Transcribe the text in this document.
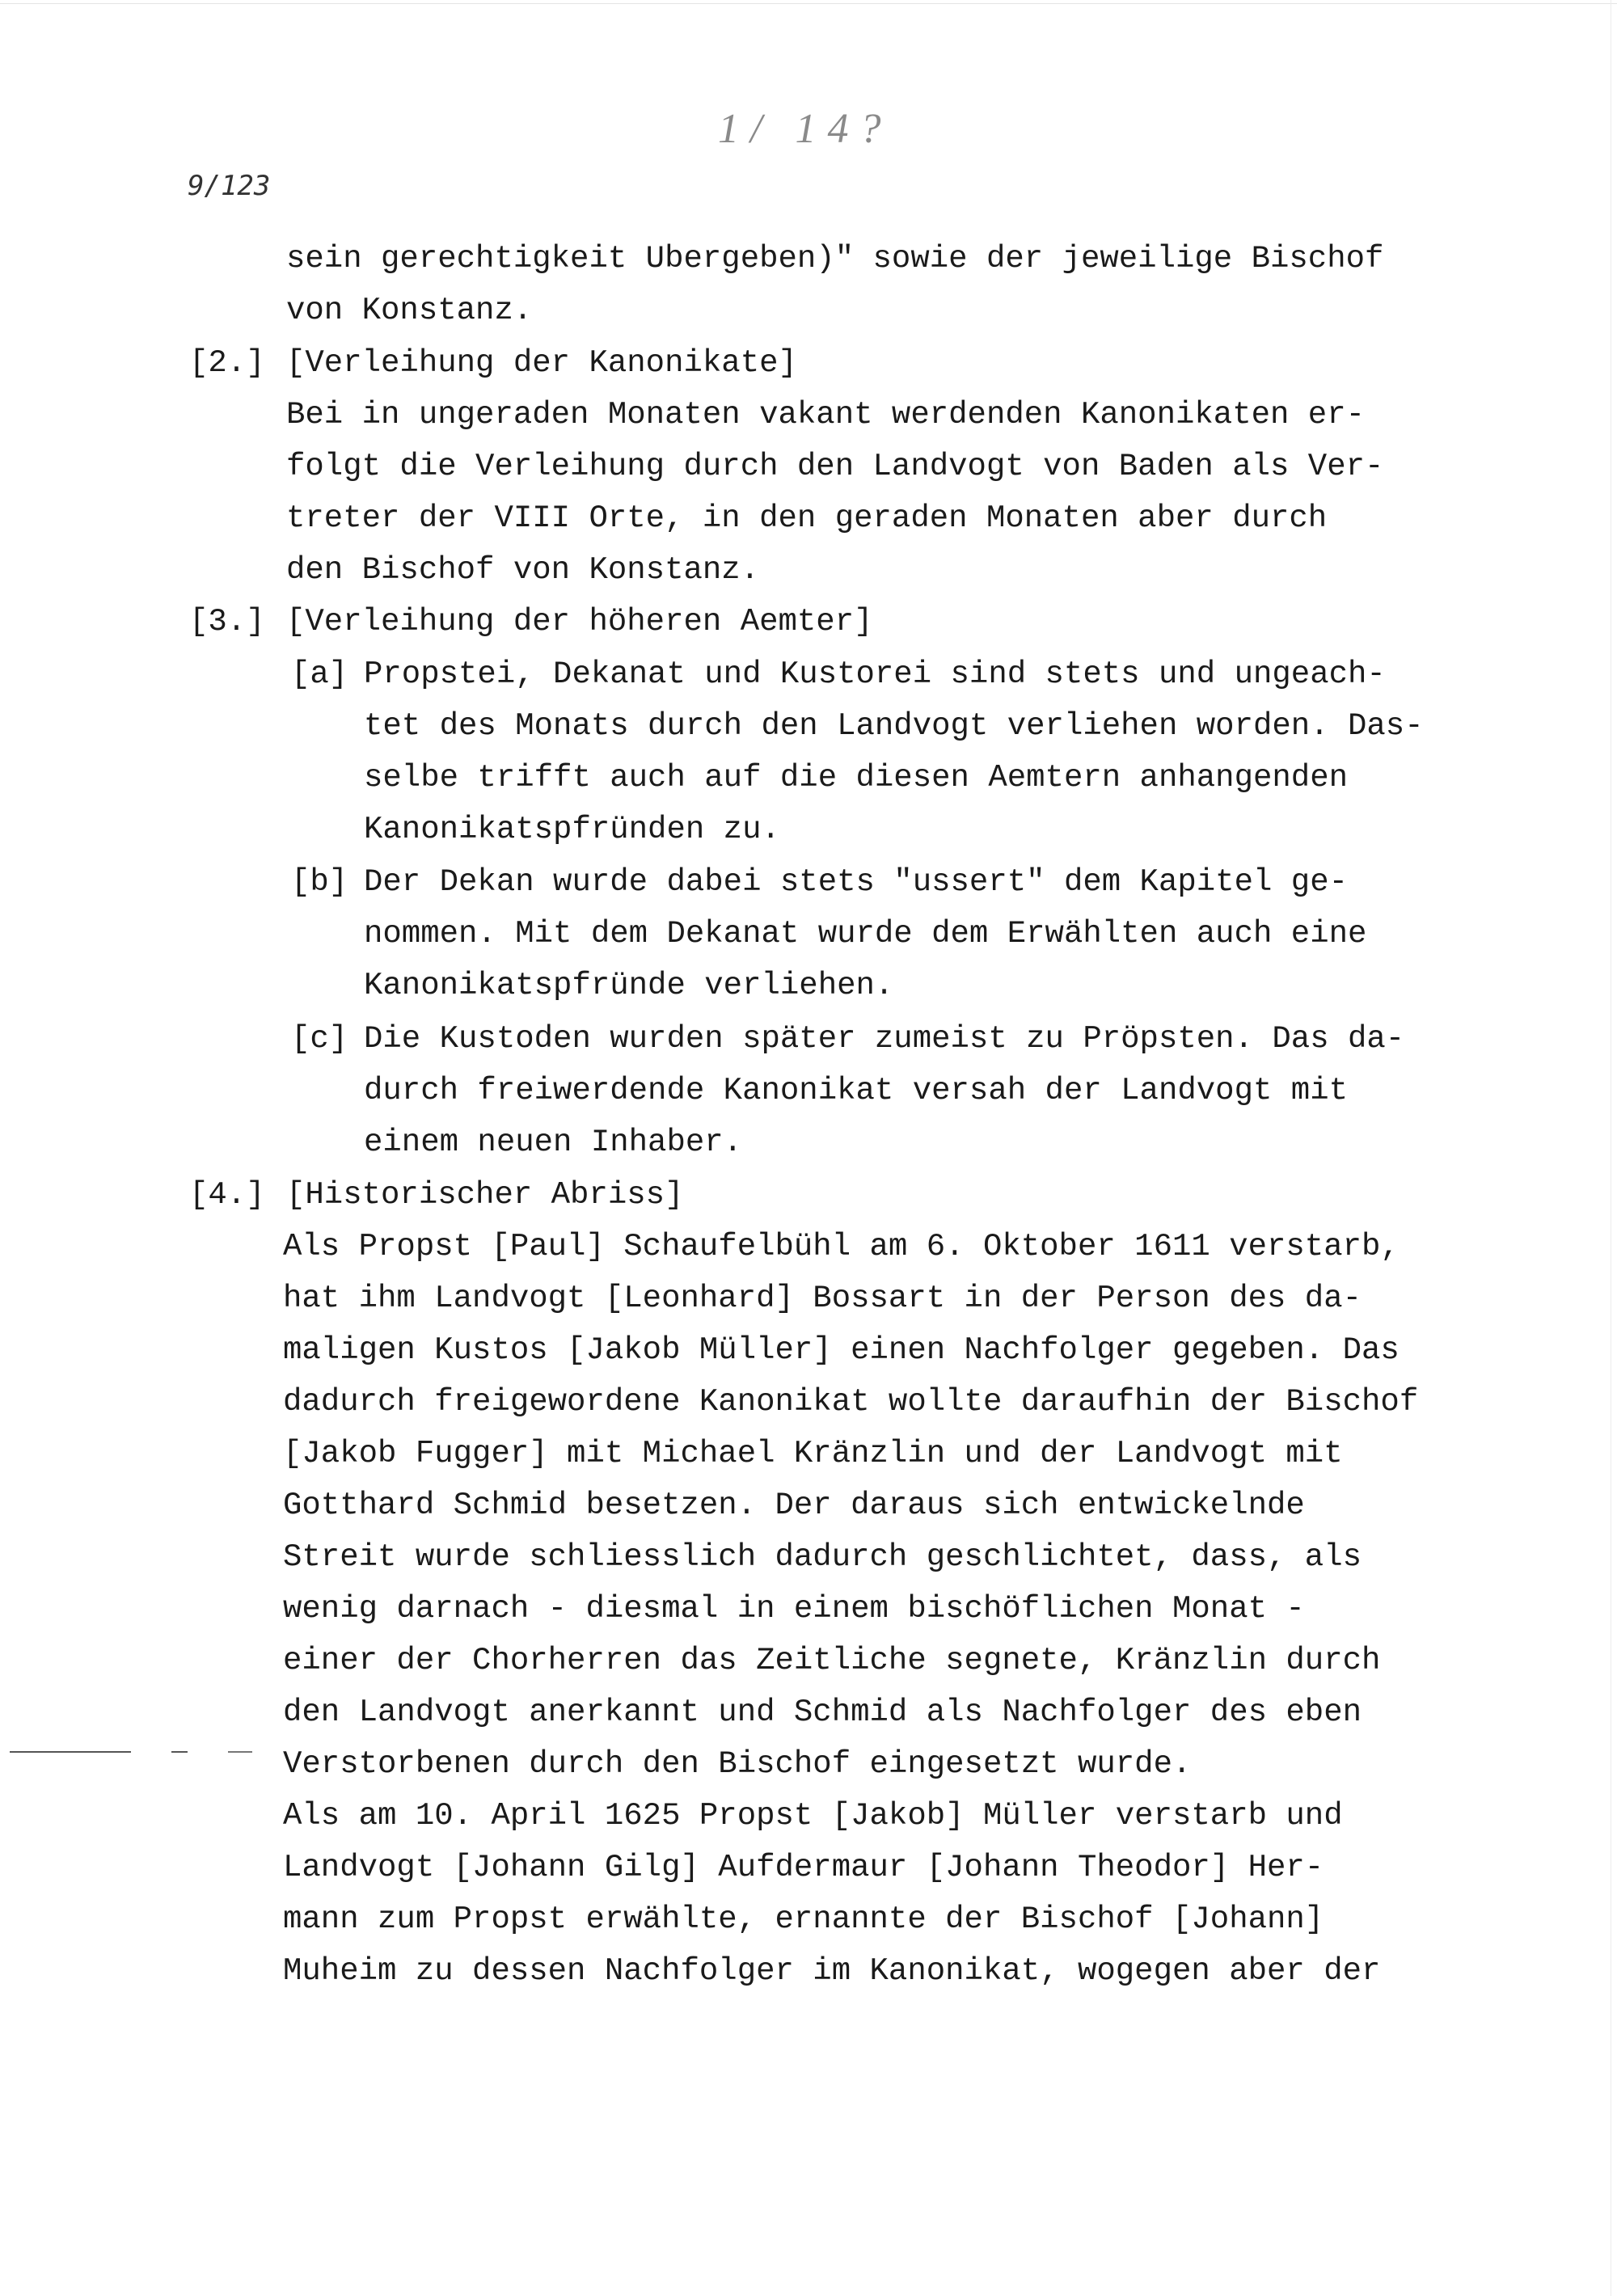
1/ 14?
9/123
sein gerechtigkeit Ubergeben)" sowie der jeweilige Bischof
von Konstanz.
[2.] [Verleihung der Kanonikate]
Bei in ungeraden Monaten vakant werdenden Kanonikaten er-
folgt die Verleihung durch den Landvogt von Baden als Ver-
treter der VIII Orte, in den geraden Monaten aber durch
den Bischof von Konstanz.
[3.] [Verleihung der höheren Aemter]
[a] Propstei, Dekanat und Kustorei sind stets und ungeach-
tet des Monats durch den Landvogt verliehen worden. Das-
selbe trifft auch auf die diesen Aemtern anhangenden
Kanonikatspfründen zu.
[b] Der Dekan wurde dabei stets "ussert" dem Kapitel ge-
nommen. Mit dem Dekanat wurde dem Erwählten auch eine
Kanonikatspfründe verliehen.
[c] Die Kustoden wurden später zumeist zu Pröpsten. Das da-
durch freiwerdende Kanonikat versah der Landvogt mit
einem neuen Inhaber.
[4.] [Historischer Abriss]
Als Propst [Paul] Schaufelbühl am 6. Oktober 1611 verstarb,
hat ihm Landvogt [Leonhard] Bossart in der Person des da-
maligen Kustos [Jakob Müller] einen Nachfolger gegeben. Das
dadurch freigewordene Kanonikat wollte daraufhin der Bischof
[Jakob Fugger] mit Michael Kränzlin und der Landvogt mit
Gotthard Schmid besetzen. Der daraus sich entwickelnde
Streit wurde schliesslich dadurch geschlichtet, dass, als
wenig darnach - diesmal in einem bischöflichen Monat -
einer der Chorherren das Zeitliche segnete, Kränzlin durch
den Landvogt anerkannt und Schmid als Nachfolger des eben
Verstorbenen durch den Bischof eingesetzt wurde.
Als am 10. April 1625 Propst [Jakob] Müller verstarb und
Landvogt [Johann Gilg] Aufdermaur [Johann Theodor] Her-
mann zum Propst erwählte, ernannte der Bischof [Johann]
Muheim zu dessen Nachfolger im Kanonikat, wogegen aber der
